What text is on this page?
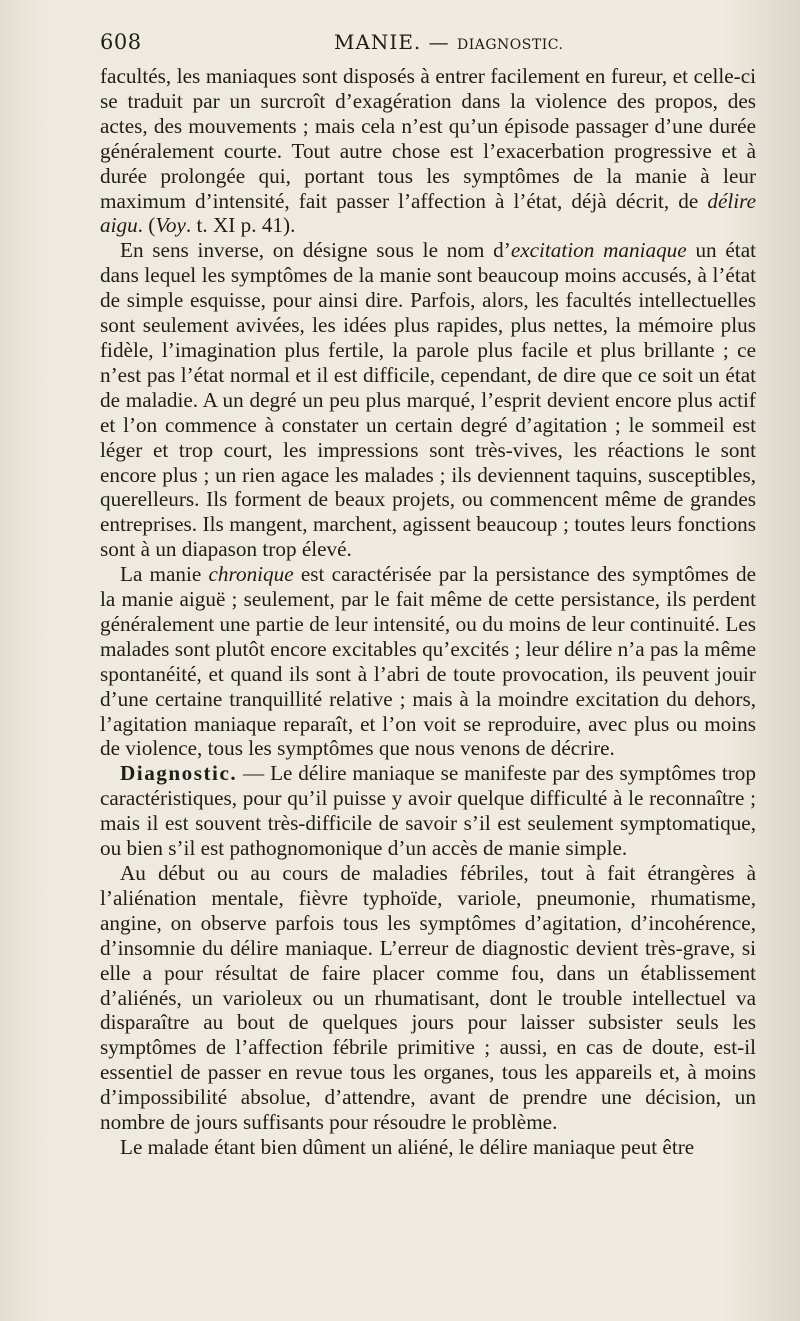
608	MANIE. — DIAGNOSTIC.

facultés, les maniaques sont disposés à entrer facilement en fureur, et celle-ci se traduit par un surcroît d’exagération dans la violence des propos, des actes, des mouvements ; mais cela n’est qu’un épisode passager d’une durée généralement courte. Tout autre chose est l’exacerbation progressive et à durée prolongée qui, portant tous les symptômes de la manie à leur maximum d’intensité, fait passer l’affection à l’état, déjà décrit, de délire aigu. (Voy. t. XI p. 41).

En sens inverse, on désigne sous le nom d’excitation maniaque un état dans lequel les symptômes de la manie sont beaucoup moins accusés, à l’état de simple esquisse, pour ainsi dire. Parfois, alors, les facultés intellectuelles sont seulement avivées, les idées plus rapides, plus nettes, la mémoire plus fidèle, l’imagination plus fertile, la parole plus facile et plus brillante ; ce n’est pas l’état normal et il est difficile, cependant, de dire que ce soit un état de maladie. A un degré un peu plus marqué, l’esprit devient encore plus actif et l’on commence à constater un certain degré d’agitation ; le sommeil est léger et trop court, les impressions sont très-vives, les réactions le sont encore plus ; un rien agace les malades ; ils deviennent taquins, susceptibles, querelleurs. Ils forment de beaux projets, ou commencent même de grandes entreprises. Ils mangent, marchent, agissent beaucoup ; toutes leurs fonctions sont à un diapason trop élevé.

La manie chronique est caractérisée par la persistance des symptômes de la manie aiguë ; seulement, par le fait même de cette persistance, ils perdent généralement une partie de leur intensité, ou du moins de leur continuité. Les malades sont plutôt encore excitables qu’excités ; leur délire n’a pas la même spontanéité, et quand ils sont à l’abri de toute provocation, ils peuvent jouir d’une certaine tranquillité relative ; mais à la moindre excitation du dehors, l’agitation maniaque reparaît, et l’on voit se reproduire, avec plus ou moins de violence, tous les symptômes que nous venons de décrire.

Diagnostic. — Le délire maniaque se manifeste par des symptômes trop caractéristiques, pour qu’il puisse y avoir quelque difficulté à le reconnaître ; mais il est souvent très-difficile de savoir s’il est seulement symptomatique, ou bien s’il est pathognomonique d’un accès de manie simple.

Au début ou au cours de maladies fébriles, tout à fait étrangères à l’aliénation mentale, fièvre typhoïde, variole, pneumonie, rhumatisme, angine, on observe parfois tous les symptômes d’agitation, d’incohérence, d’insomnie du délire maniaque. L’erreur de diagnostic devient très-grave, si elle a pour résultat de faire placer comme fou, dans un établissement d’aliénés, un varioleux ou un rhumatisant, dont le trouble intellectuel va disparaître au bout de quelques jours pour laisser subsister seuls les symptômes de l’affection fébrile primitive ; aussi, en cas de doute, est-il essentiel de passer en revue tous les organes, tous les appareils et, à moins d’impossibilité absolue, d’attendre, avant de prendre une décision, un nombre de jours suffisants pour résoudre le problème.

Le malade étant bien dûment un aliéné, le délire maniaque peut être
